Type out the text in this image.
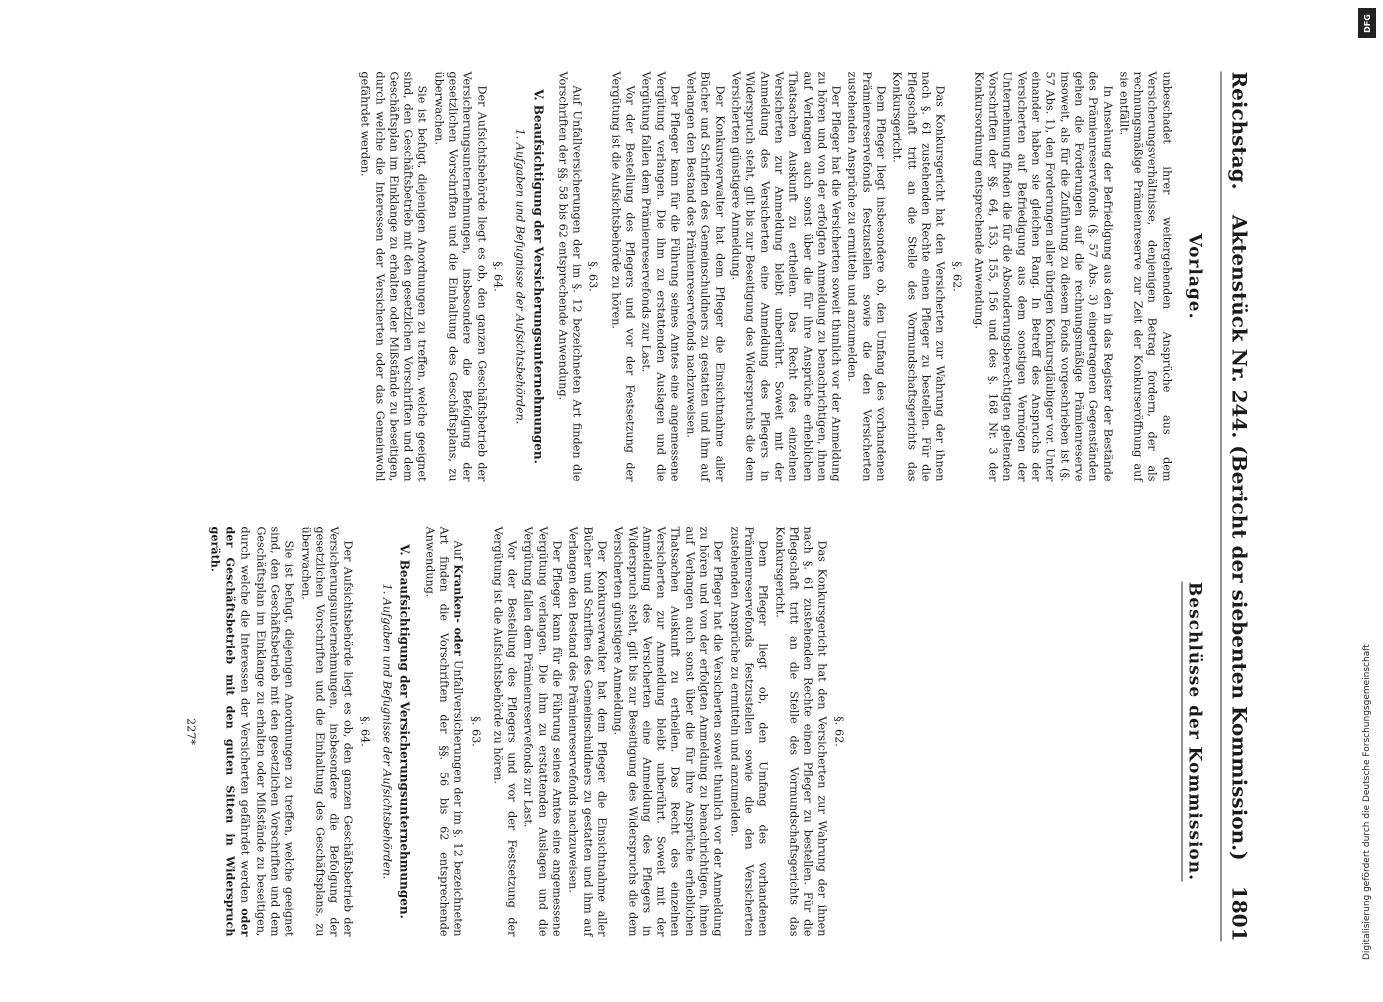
Reichstag.
Aktenstück Nr. 244. (Bericht der siebenten Kommission.)
1801
Vorlage.

unbeschadet ihrer weitergehenden Ansprüche aus dem Versicherungsverhältnisse, denjenigen Betrag fordern, der als rechnungsmäßige Prämienreserve zur Zeit der Konkurseröffnung auf sie entfällt.

In Ansehung der Befriedigung aus den in das Register der Bestände des Prämienreservefonds (§. 57 Abs. 3) eingetragenen Gegenständen gehen die Forderungen auf die rechnungsmäßige Prämienreserve insoweit, als für die Zuführung zu diesem Fonds vorgeschrieben ist (§. 57 Abs. 1), den Forderungen aller übrigen Konkursgläubiger vor. Unter einander haben sie gleichen Rang. In Betreff des Anspruchs der Versicherten auf Befriedigung aus dem sonstigen Vermögen der Unternehmung finden die für die Absonderungsberechtigten geltenden Vorschriften der §§. 64, 153, 155, 156 und des §. 168 Nr. 3 der Konkursordnung entsprechende Anwendung.

§. 62.

Das Konkursgericht hat den Versicherten zur Wahrung der ihnen nach §. 61 zustehenden Rechte einen Pfleger zu bestellen. Für die Pflegschaft tritt an die Stelle des Vormundschaftsgerichts das Konkursgericht.

Dem Pfleger liegt insbesondere ob, den Umfang des vorhandenen Prämienreservefonds festzustellen sowie die den Versicherten zustehenden Ansprüche zu ermitteln und anzumelden.

Der Pfleger hat die Versicherten soweit thunlich vor der Anmeldung zu hören und von der erfolgten Anmeldung zu benachrichtigen, ihnen auf Verlangen auch sonst über die für ihre Ansprüche erheblichen Thatsachen Auskunft zu ertheilen. Das Recht des einzelnen Versicherten zur Anmeldung bleibt unberührt. Soweit mit der Anmeldung des Versicherten eine Anmeldung des Pflegers in Widerspruch steht, gilt bis zur Beseitigung des Widerspruchs die dem Versicherten günstigere Anmeldung.

Der Konkursverwalter hat dem Pfleger die Einsichtnahme aller Bücher und Schriften des Gemeinschuldners zu gestatten und ihm auf Verlangen den Bestand des Prämienreservefonds nachzuweisen.

Der Pfleger kann für die Führung seines Amtes eine angemessene Vergütung verlangen. Die ihm zu erstattenden Auslagen und die Vergütung fallen dem Prämienreservefonds zur Last.

Vor der Bestellung des Pflegers und vor der Festsetzung der Vergütung ist die Aufsichtsbehörde zu hören.

§. 63.

Auf Unfallversicherungen der im §. 12 bezeichneten Art finden die Vorschriften der §§. 58 bis 62 entsprechende Anwendung.

V. Beaufsichtigung der Versicherungsunternehmungen.

1. Aufgaben und Befugnisse der Aufsichtsbehörden.

§. 64.

Der Aufsichtsbehörde liegt es ob, den ganzen Geschäftsbetrieb der Versicherungsunternehmungen, insbesondere die Befolgung der gesetzlichen Vorschriften und die Einhaltung des Geschäftsplans, zu überwachen.

Sie ist befugt, diejenigen Anordnungen zu treffen, welche geeignet sind, den Geschäftsbetrieb mit den gesetzlichen Vorschriften und dem Geschäftsplan im Einklange zu erhalten oder Mißstände zu beseitigen, durch welche die Interessen der Versicherten oder das Gemeinwohl gefährdet werden.

Beschlüsse der Kommission.

§. 62.

Das Konkursgericht hat den Versicherten zur Wahrung der ihnen nach §. 61 zustehenden Rechte einen Pfleger zu bestellen. Für die Pflegschaft tritt an die Stelle des Vormundschaftsgerichts das Konkursgericht.

Dem Pfleger liegt ob, den Umfang des vorhandenen Prämienreservefonds festzustellen sowie die den Versicherten zustehenden Ansprüche zu ermitteln und anzumelden.

Der Pfleger hat die Versicherten soweit thunlich vor der Anmeldung zu hören und von der erfolgten Anmeldung zu benachrichtigen, ihnen auf Verlangen auch sonst über die für ihre Ansprüche erheblichen Thatsachen Auskunft zu ertheilen. Das Recht des einzelnen Versicherten zur Anmeldung bleibt unberührt. Soweit mit der Anmeldung des Versicherten eine Anmeldung des Pflegers in Widerspruch steht, gilt bis zur Beseitigung des Widerspruchs die dem Versicherten günstigere Anmeldung.

Der Konkursverwalter hat dem Pfleger die Einsichtnahme aller Bücher und Schriften des Gemeinschuldners zu gestatten und ihm auf Verlangen den Bestand des Prämienreservefonds nachzuweisen.

Der Pfleger kann für die Führung seines Amtes eine angemessene Vergütung verlangen. Die ihm zu erstattenden Auslagen und die Vergütung fallen dem Prämienreservefonds zur Last.

Vor der Bestellung des Pflegers und vor der Festsetzung der Vergütung ist die Aufsichtsbehörde zu hören.

§. 63.

Auf Kranken- oder Unfallversicherungen der im §. 12 bezeichneten Art finden die Vorschriften der §§. 56 bis 62 entsprechende Anwendung.

V. Beaufsichtigung der Versicherungsunternehmungen.

1. Aufgaben und Befugnisse der Aufsichtsbehörden.

§. 64.

Der Aufsichtsbehörde liegt es ob, den ganzen Geschäftsbetrieb der Versicherungsunternehmungen, insbesondere die Befolgung der gesetzlichen Vorschriften und die Einhaltung des Geschäftsplans, zu überwachen.

Sie ist befugt, diejenigen Anordnungen zu treffen, welche geeignet sind, den Geschäftsbetrieb mit den gesetzlichen Vorschriften und dem Geschäftsplan im Einklange zu erhalten oder Mißstände zu beseitigen, durch welche die Interessen der Versicherten gefährdet werden oder der Geschäftsbetrieb mit den guten Sitten in Widerspruch geräth.

227*

DFG
Digitalisierung gefördert durch die Deutsche Forschungsgemeinschaft
